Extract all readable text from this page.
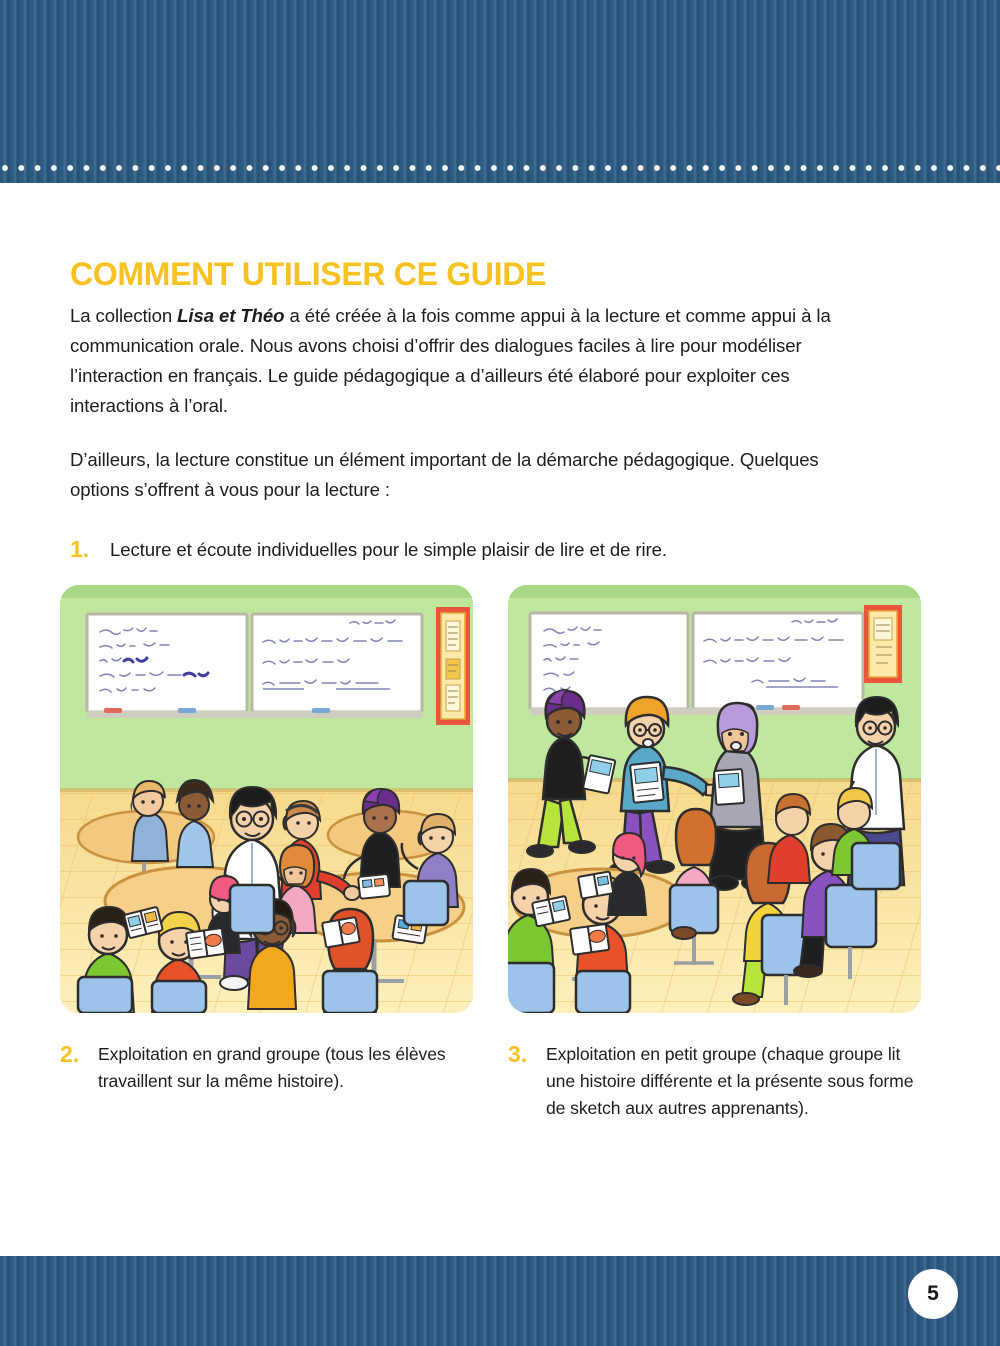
COMMENT UTILISER CE GUIDE

La collection Lisa et Théo a été créée à la fois comme appui à la lecture et comme appui à la communication orale. Nous avons choisi d’offrir des dialogues faciles à lire pour modéliser l’interaction en français. Le guide pédagogique a d’ailleurs été élaboré pour exploiter ces interactions à l’oral.

D’ailleurs, la lecture constitue un élément important de la démarche pédagogique. Quelques options s’offrent à vous pour la lecture :

1.	Lecture et écoute individuelles pour le simple plaisir de lire et de rire.
2.	Exploitation en grand groupe (tous les élèves travaillent sur la même histoire).
3.	Exploitation en petit groupe (chaque groupe lit une histoire différente et la présente sous forme de sketch aux autres apprenants).
5
